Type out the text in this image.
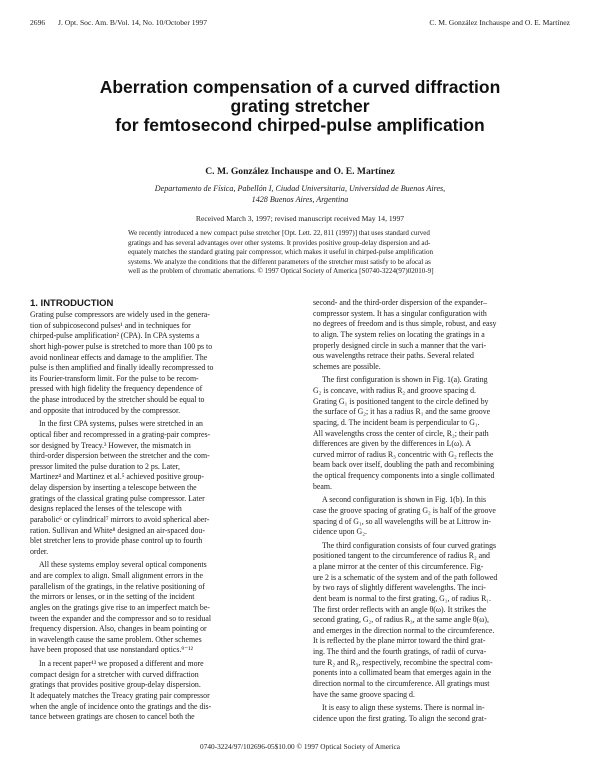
2696 J. Opt. Soc. Am. B/Vol. 14, No. 10/October 1997	C. M. González Inchauspe and O. E. Martínez
Aberration compensation of a curved diffraction
grating stretcher
for femtosecond chirped-pulse amplification
C. M. González Inchauspe and O. E. Martínez
Departamento de Física, Pabellón I, Ciudad Universitaria, Universidad de Buenos Aires,
1428 Buenos Aires, Argentina
Received March 3, 1997; revised manuscript received May 14, 1997
We recently introduced a new compact pulse stretcher [Opt. Lett. 22, 811 (1997)] that uses standard curved
gratings and has several advantages over other systems. It provides positive group-delay dispersion and ad-
equately matches the standard grating pair compressor, which makes it useful in chirped-pulse amplification
systems. We analyze the conditions that the different parameters of the stretcher must satisfy to be afocal as
well as the problem of chromatic aberrations. © 1997 Optical Society of America [S0740-3224(97)02010-9]
1. INTRODUCTION
Grating pulse compressors are widely used in the genera-
tion of subpicosecond pulses¹ and in techniques for
chirped-pulse amplification² (CPA). In CPA systems a
short high-power pulse is stretched to more than 100 ps to
avoid nonlinear effects and damage to the amplifier. The
pulse is then amplified and finally ideally recompressed to
its Fourier-transform limit. For the pulse to be recom-
pressed with high fidelity the frequency dependence of
the phase introduced by the stretcher should be equal to
and opposite that introduced by the compressor.
In the first CPA systems, pulses were stretched in an
optical fiber and recompressed in a grating-pair compres-
sor designed by Treacy.³ However, the mismatch in
third-order dispersion between the stretcher and the com-
pressor limited the pulse duration to 2 ps. Later,
Martinez⁴ and Martinez et al.⁵ achieved positive group-
delay dispersion by inserting a telescope between the
gratings of the classical grating pulse compressor. Later
designs replaced the lenses of the telescope with
parabolic⁶ or cylindrical⁷ mirrors to avoid spherical aber-
ration. Sullivan and White⁸ designed an air-spaced dou-
blet stretcher lens to provide phase control up to fourth
order.
All these systems employ several optical components
and are complex to align. Small alignment errors in the
parallelism of the gratings, in the relative positioning of
the mirrors or lenses, or in the setting of the incident
angles on the gratings give rise to an imperfect match be-
tween the expander and the compressor and so to residual
frequency dispersion. Also, changes in beam pointing or
in wavelength cause the same problem. Other schemes
have been proposed that use nonstandard optics.⁹⁻¹²
In a recent paper¹³ we proposed a different and more
compact design for a stretcher with curved diffraction
gratings that provides positive group-delay dispersion.
It adequately matches the Treacy grating pair compressor
when the angle of incidence onto the gratings and the dis-
tance between gratings are chosen to cancel both the
second- and the third-order dispersion of the expander–
compressor system. It has a singular configuration with
no degrees of freedom and is thus simple, robust, and easy
to align. The system relies on locating the gratings in a
properly designed circle in such a manner that the vari-
ous wavelengths retrace their paths. Several related
schemes are possible.
The first configuration is shown in Fig. 1(a). Grating
G₂ is concave, with radius R₂ and groove spacing d.
Grating G₁ is positioned tangent to the circle defined by
the surface of G₂; it has a radius R₁ and the same groove
spacing, d. The incident beam is perpendicular to G₁.
All wavelengths cross the center of circle, R₂; their path
differences are given by the differences in L(ω). A
curved mirror of radius R₃ concentric with G₂ reflects the
beam back over itself, doubling the path and recombining
the optical frequency components into a single collimated
beam.
A second configuration is shown in Fig. 1(b). In this
case the groove spacing of grating G₂ is half of the groove
spacing d of G₁, so all wavelengths will be at Littrow in-
cidence upon G₂.
The third configuration consists of four curved gratings
positioned tangent to the circumference of radius R₂ and
a plane mirror at the center of this circumference. Fig-
ure 2 is a schematic of the system and of the path followed
by two rays of slightly different wavelengths. The inci-
dent beam is normal to the first grating, G₁, of radius R₁.
The first order reflects with an angle θ(ω). It strikes the
second grating, G₂, of radius R₃, at the same angle θ(ω),
and emerges in the direction normal to the circumference.
It is reflected by the plane mirror toward the third grat-
ing. The third and the fourth gratings, of radii of curva-
ture R₂ and R₃, respectively, recombine the spectral com-
ponents into a collimated beam that emerges again in the
direction normal to the circumference. All gratings must
have the same groove spacing d.
It is easy to align these systems. There is normal in-
cidence upon the first grating. To align the second grat-
0740-3224/97/102696-05$10.00 © 1997 Optical Society of America
